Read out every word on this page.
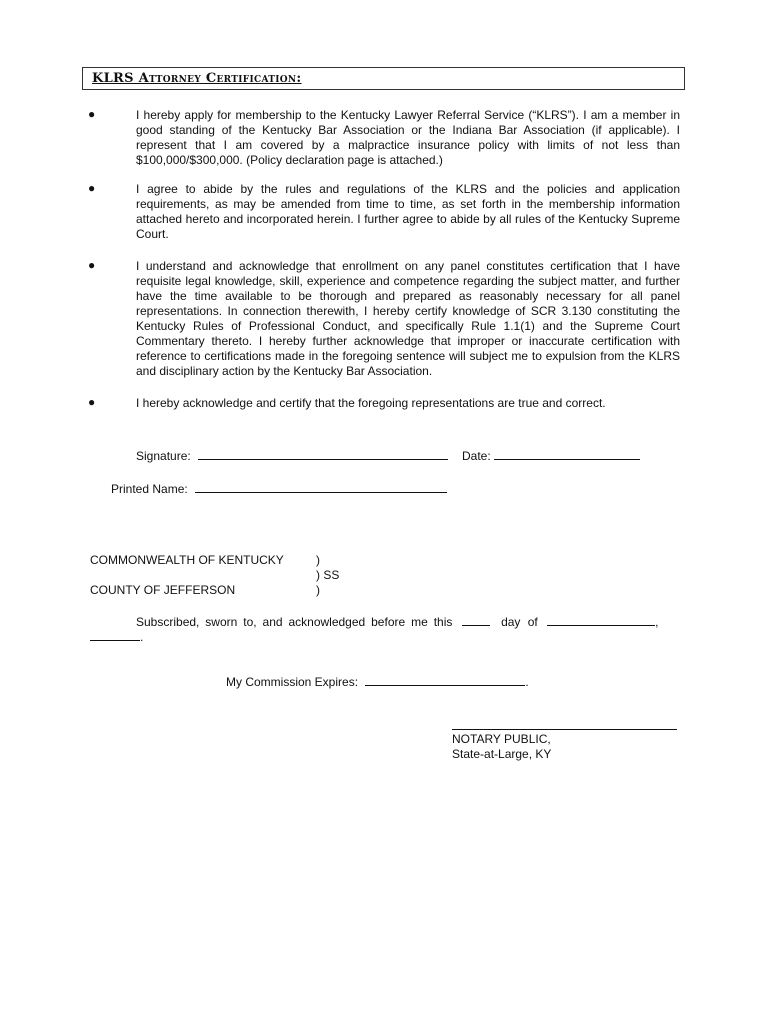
KLRS Attorney Certification:
●	I hereby apply for membership to the Kentucky Lawyer Referral Service (“KLRS”). I am a member in good standing of the Kentucky Bar Association or the Indiana Bar Association (if applicable). I represent that I am covered by a malpractice insurance policy with limits of not less than $100,000/$300,000. (Policy declaration page is attached.)
●	I agree to abide by the rules and regulations of the KLRS and the policies and application requirements, as may be amended from time to time, as set forth in the membership information attached hereto and incorporated herein. I further agree to abide by all rules of the Kentucky Supreme Court.
●	I understand and acknowledge that enrollment on any panel constitutes certification that I have requisite legal knowledge, skill, experience and competence regarding the subject matter, and further have the time available to be thorough and prepared as reasonably necessary for all panel representations. In connection therewith, I hereby certify knowledge of SCR 3.130 constituting the Kentucky Rules of Professional Conduct, and specifically Rule 1.1(1) and the Supreme Court Commentary thereto. I hereby further acknowledge that improper or inaccurate certification with reference to certifications made in the foregoing sentence will subject me to expulsion from the KLRS and disciplinary action by the Kentucky Bar Association.
●	I hereby acknowledge and certify that the foregoing representations are true and correct.
Signature:	Date:
Printed Name:
COMMONWEALTH OF KENTUCKY	)
) SS
COUNTY OF JEFFERSON	)
Subscribed, sworn to, and acknowledged before me this	day of	,
.
My Commission Expires:	.
NOTARY PUBLIC,
State-at-Large, KY
